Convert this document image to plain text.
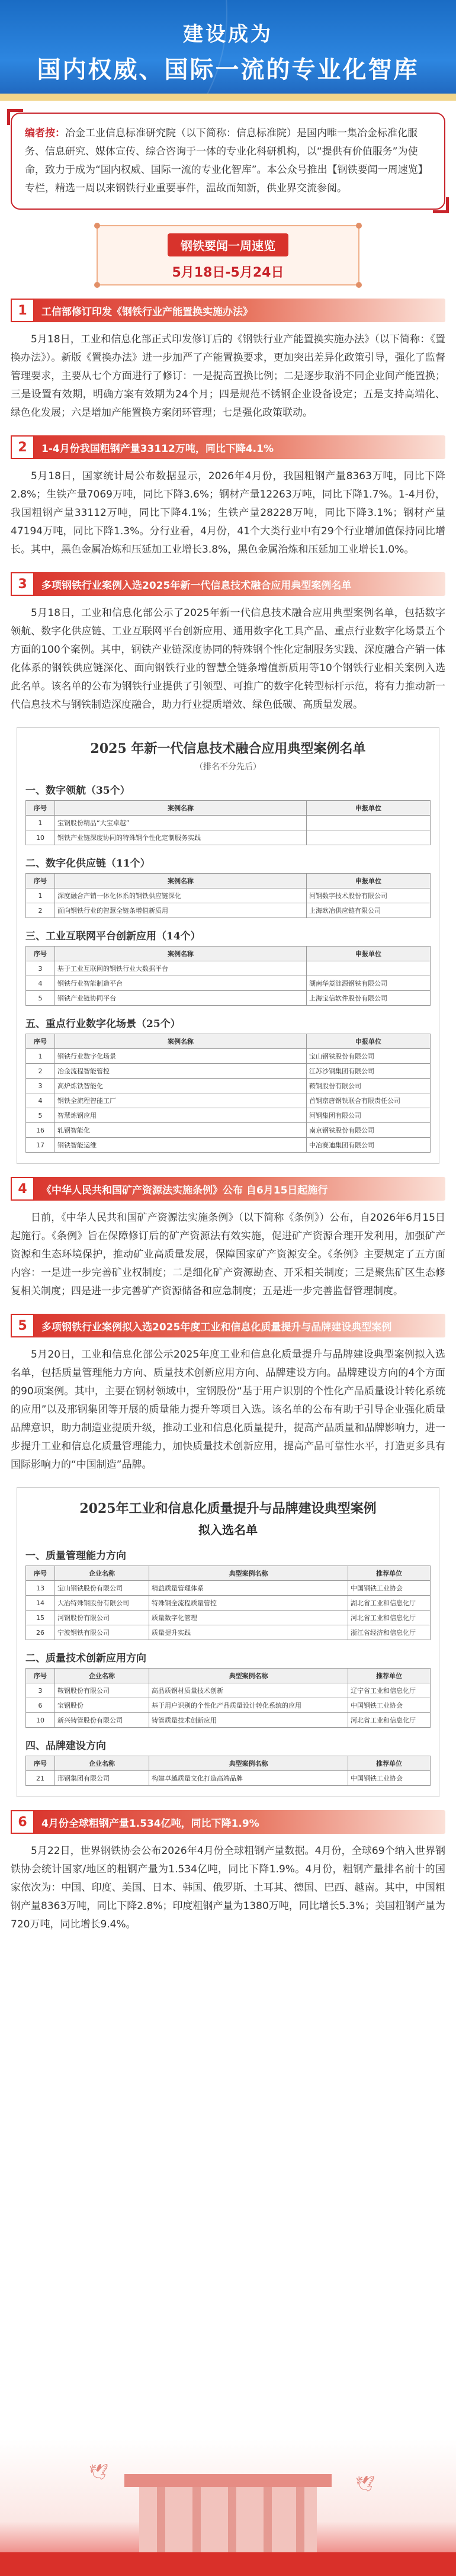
建设成为
国内权威、国际一流的专业化智库
编者按：冶金工业信息标准研究院（以下简称：信息标准院）是国内唯一集冶金标准化服务、信息研究、媒体宣传、综合咨询于一体的专业化科研机构，以“提供有价值服务”为使命，致力于成为“国内权威、国际一流的专业化智库”。本公众号推出【钢铁要闻一周速览】专栏，精选一周以来钢铁行业重要事件，温故而知新，供业界交流参阅。
钢铁要闻一周速览
5月18日-5月24日
1	工信部修订印发《钢铁行业产能置换实施办法》

5月18日，工业和信息化部正式印发修订后的《钢铁行业产能置换实施办法》（以下简称：《置换办法》）。新版《置换办法》进一步加严了产能置换要求，更加突出差异化政策引导，强化了监督管理要求，主要从七个方面进行了修订：一是提高置换比例；二是逐步取消不同企业间产能置换；三是设置有效期，明确方案有效期为24个月；四是规范不锈钢企业设备设定；五是支持高端化、绿色化发展；六是增加产能置换方案闭环管理；七是强化政策联动。

2	1-4月份我国粗钢产量33112万吨，同比下降4.1%

5月18日，国家统计局公布数据显示，2026年4月份，我国粗钢产量8363万吨，同比下降2.8%；生铁产量7069万吨，同比下降3.6%；钢材产量12263万吨，同比下降1.7%。1-4月份，我国粗钢产量33112万吨，同比下降4.1%；生铁产量28228万吨，同比下降3.1%；钢材产量47194万吨，同比下降1.3%。分行业看，4月份，41个大类行业中有29个行业增加值保持同比增长。其中，黑色金属冶炼和压延加工业增长3.8%，黑色金属治炼和压延加工业增长1.0%。

3	多项钢铁行业案例入选2025年新一代信息技术融合应用典型案例名单

5月18日，工业和信息化部公示了2025年新一代信息技术融合应用典型案例名单，包括数字领航、数字化供应链、工业互联网平台创新应用、通用数字化工具产品、重点行业数字化场景五个方面的100个案例。其中，钢铁产业链深度协同的特殊钢个性化定制服务实践、深度融合产销一体化体系的钢铁供应链深化、面向钢铁行业的智慧全链条增值新质用等10个钢铁行业相关案例入选此名单。该名单的公布为钢铁行业提供了引领型、可推广的数字化转型标杆示范，将有力推动新一代信息技术与钢铁制造深度融合，助力行业提质增效、绿色低碳、高质量发展。

2025 年新一代信息技术融合应用典型案例名单
（排名不分先后）
一、数字领航（35个）
序号	案例名称	申报单位
1	宝钢股份精品“大宝卓越”	
10	钢铁产业链深度协同的特殊钢个性化定制服务实践	
二、数字化供应链（11个）
序号	案例名称	申报单位
1	深度融合产销一体化体系的钢铁供应链深化	河钢数字技术股份有限公司
2	面向钢铁行业的智慧全链条增值新质用	上海欧冶供应链有限公司
三、工业互联网平台创新应用（14个）
序号	案例名称	申报单位
3	基于工业互联网的钢铁行业大数据平台	
4	钢铁行业智能制造平台	湖南华菱涟源钢铁有限公司
5	钢铁产业链协同平台	上海宝信软件股份有限公司
五、重点行业数字化场景（25个）
序号	案例名称	申报单位
1	钢铁行业数字化场景	宝山钢铁股份有限公司
2	冶金流程智能管控	江苏沙钢集团有限公司
3	高炉炼铁智能化	鞍钢股份有限公司
4	钢铁全流程智能工厂	首钢京唐钢铁联合有限责任公司
5	智慧炼钢应用	河钢集团有限公司
16	轧钢智能化	南京钢铁股份有限公司
17	钢铁智能运维	中冶赛迪集团有限公司
4	《中华人民共和国矿产资源法实施条例》公布 自6月15日起施行

日前，《中华人民共和国矿产资源法实施条例》（以下简称《条例》）公布，自2026年6月15日起施行。《条例》旨在保障修订后的矿产资源法有效实施，促进矿产资源合理开发利用，加强矿产资源和生态环境保护，推动矿业高质量发展，保障国家矿产资源安全。《条例》主要规定了五方面内容：一是进一步完善矿业权制度；二是细化矿产资源勘查、开采相关制度；三是聚焦矿区生态修复相关制度；四是进一步完善矿产资源储备和应急制度；五是进一步完善监督管理制度。

5	多项钢铁行业案例拟入选2025年度工业和信息化质量提升与品牌建设典型案例

5月20日，工业和信息化部公示2025年度工业和信息化质量提升与品牌建设典型案例拟入选名单，包括质量管理能力方向、质量技术创新应用方向、品牌建设方向。品牌建设方向的4个方面的90项案例。其中，主要在钢材领域中，宝钢股份“基于用户识别的个性化产品质量设计转化系统的应用”以及邢钢集团等开展的质量能力提升等项目入选。该名单的公布有助于引导企业强化质量品牌意识，助力制造业提质升级，推动工业和信息化质量提升，提高产品质量和品牌影响力，进一步提升工业和信息化质量管理能力，加快质量技术创新应用，提高产品可靠性水平，打造更多具有国际影响力的“中国制造”品牌。

2025年工业和信息化质量提升与品牌建设典型案例
拟入选名单
一、质量管理能力方向
序号	企业名称	典型案例名称	推荐单位
13	宝山钢铁股份有限公司	精益质量管理体系	中国钢铁工业协会
14	大冶特殊钢股份有限公司	特殊钢全流程质量管控	湖北省工业和信息化厅
15	河钢股份有限公司	质量数字化管理	河北省工业和信息化厅
26	宁波钢铁有限公司	质量提升实践	浙江省经济和信息化厅
二、质量技术创新应用方向
序号	企业名称	典型案例名称	推荐单位
3	鞍钢股份有限公司	高品质钢材质量技术创新	辽宁省工业和信息化厅
6	宝钢股份	基于用户识别的个性化产品质量设计转化系统的应用	中国钢铁工业协会
10	新兴铸管股份有限公司	铸管质量技术创新应用	河北省工业和信息化厅
四、品牌建设方向
序号	企业名称	典型案例名称	推荐单位
21	邢钢集团有限公司	构建卓越质量文化打造高端品牌	中国钢铁工业协会
6	4月份全球粗钢产量1.534亿吨，同比下降1.9%

5月22日，世界钢铁协会公布2026年4月份全球粗钢产量数据。4月份，全球69个纳入世界钢铁协会统计国家/地区的粗钢产量为1.534亿吨，同比下降1.9%。4月份，粗钢产量排名前十的国家依次为：中国、印度、美国、日本、韩国、俄罗斯、土耳其、德国、巴西、越南。其中，中国粗钢产量8363万吨，同比下降2.8%；印度粗钢产量为1380万吨，同比增长5.3%；美国粗钢产量为720万吨，同比增长9.4%。

🕊
🕊
